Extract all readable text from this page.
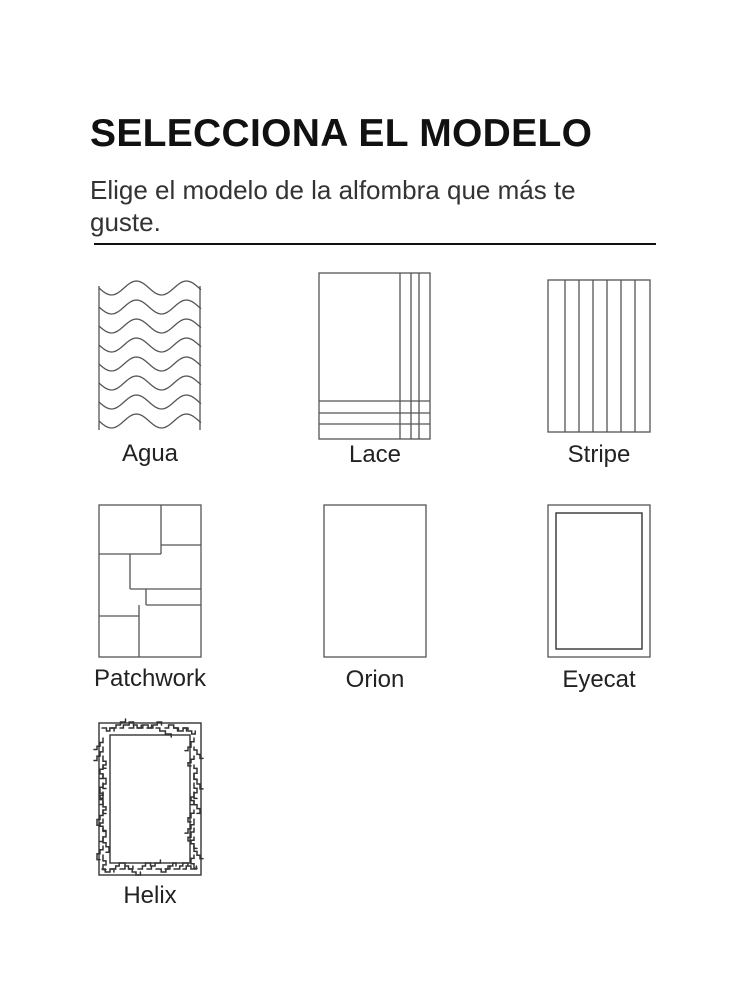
SELECCIONA EL MODELO

Elige el modelo de la alfombra que más te guste.

Agua	Lace	Stripe
Patchwork	Orion	Eyecat
Helix
